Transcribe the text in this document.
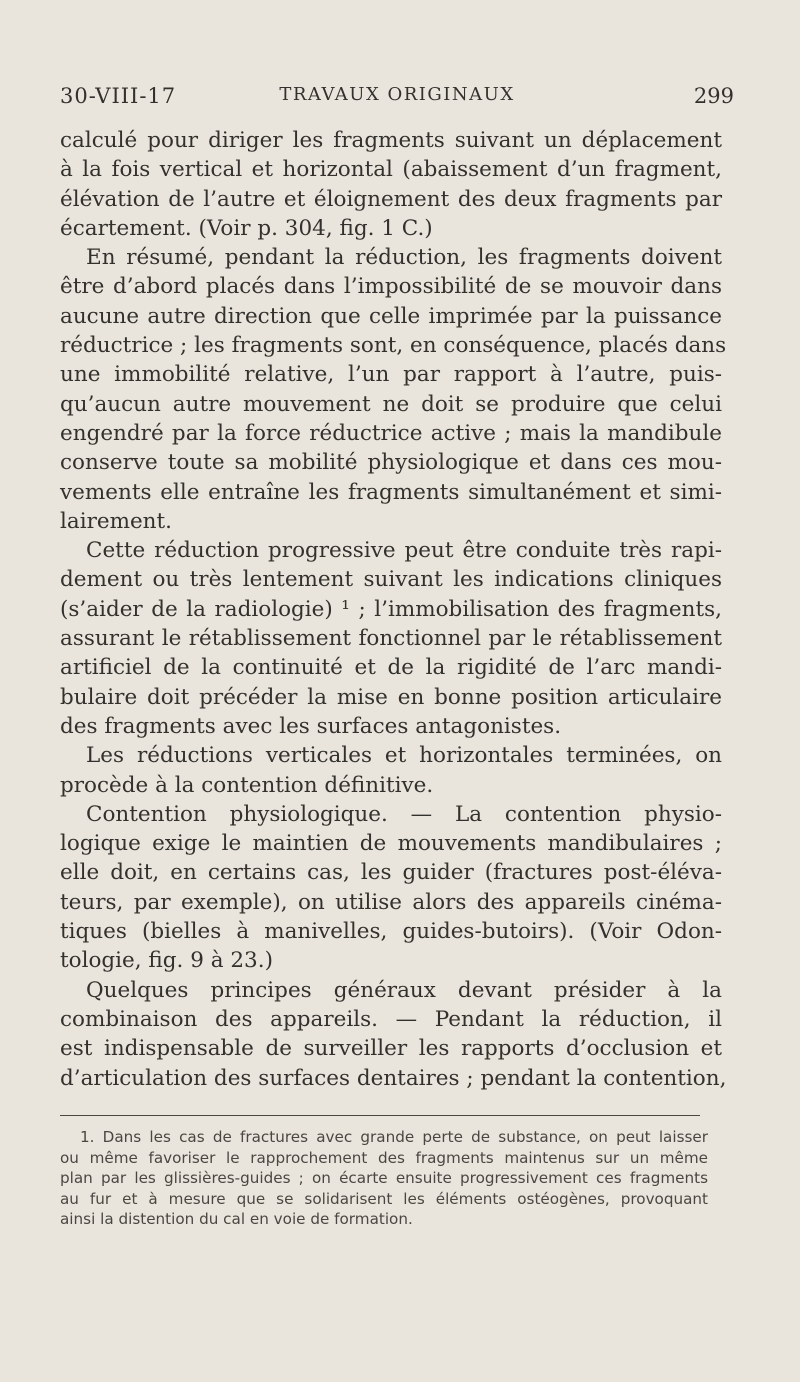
30-VIII-17	TRAVAUX ORIGINAUX	299
calculé pour diriger les fragments suivant un déplacement
à la fois vertical et horizontal (abaissement d’un fragment,
élévation de l’autre et éloignement des deux fragments par
écartement. (Voir p. 304, fig. 1 C.)
En résumé, pendant la réduction, les fragments doivent
être d’abord placés dans l’impossibilité de se mouvoir dans
aucune autre direction que celle imprimée par la puissance
réductrice ; les fragments sont, en conséquence, placés dans
une immobilité relative, l’un par rapport à l’autre, puis-
qu’aucun autre mouvement ne doit se produire que celui
engendré par la force réductrice active ; mais la mandibule
conserve toute sa mobilité physiologique et dans ces mou-
vements elle entraîne les fragments simultanément et simi-
lairement.
Cette réduction progressive peut être conduite très rapi-
dement ou très lentement suivant les indications cliniques
(s’aider de la radiologie) ¹ ; l’immobilisation des fragments,
assurant le rétablissement fonctionnel par le rétablissement
artificiel de la continuité et de la rigidité de l’arc mandi-
bulaire doit précéder la mise en bonne position articulaire
des fragments avec les surfaces antagonistes.
Les réductions verticales et horizontales terminées, on
procède à la contention définitive.
Contention physiologique. — La contention physio-
logique exige le maintien de mouvements mandibulaires ;
elle doit, en certains cas, les guider (fractures post-éléva-
teurs, par exemple), on utilise alors des appareils cinéma-
tiques (bielles à manivelles, guides-butoirs). (Voir Odon-
tologie, fig. 9 à 23.)
Quelques principes généraux devant présider à la
combinaison des appareils. — Pendant la réduction, il
est indispensable de surveiller les rapports d’occlusion et
d’articulation des surfaces dentaires ; pendant la contention,
1. Dans les cas de fractures avec grande perte de substance, on peut laisser
ou même favoriser le rapprochement des fragments maintenus sur un même
plan par les glissières-guides ; on écarte ensuite progressivement ces fragments
au fur et à mesure que se solidarisent les éléments ostéogènes, provoquant
ainsi la distention du cal en voie de formation.
